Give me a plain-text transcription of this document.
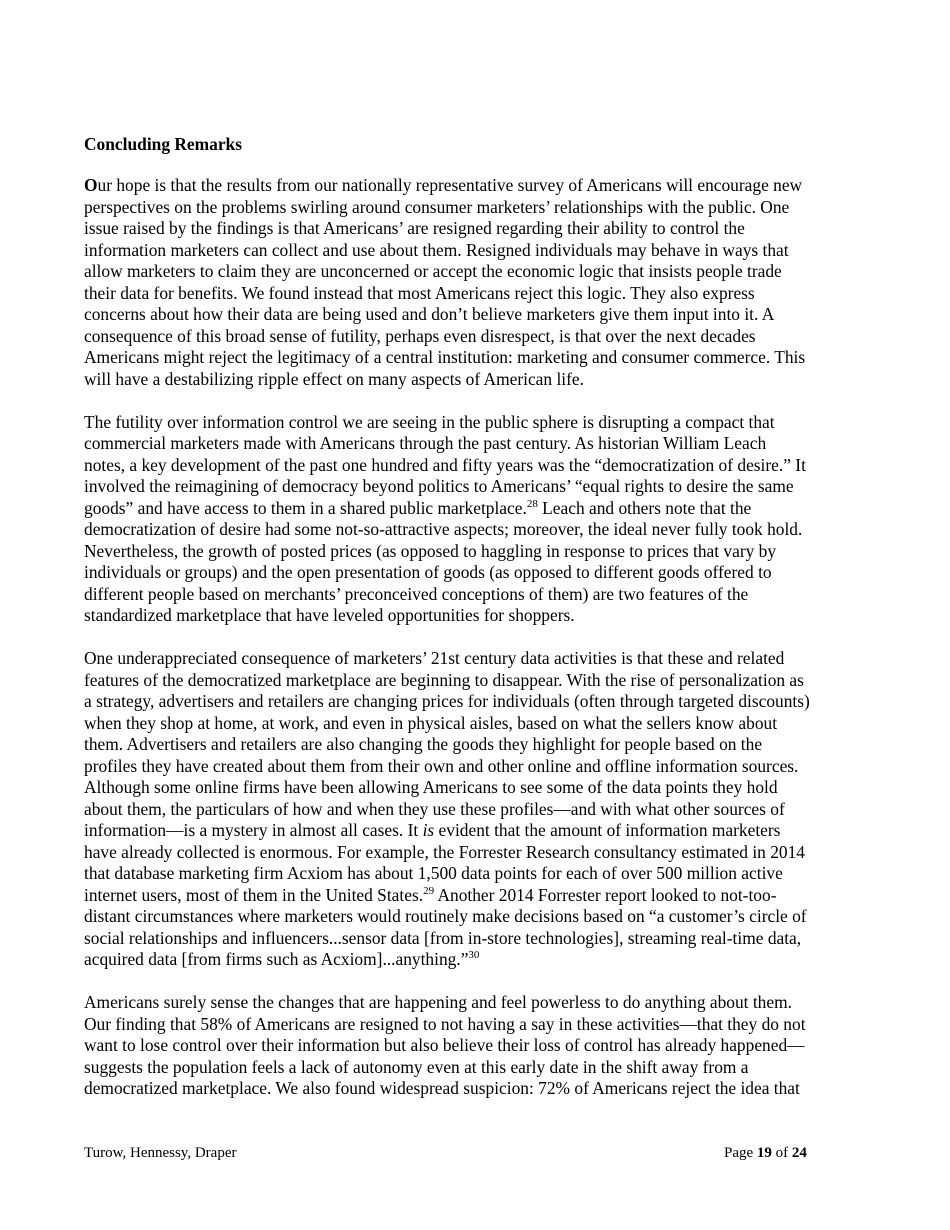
Concluding Remarks
Our hope is that the results from our nationally representative survey of Americans will encourage new
perspectives on the problems swirling around consumer marketers’ relationships with the public. One
issue raised by the findings is that Americans’ are resigned regarding their ability to control the
information marketers can collect and use about them. Resigned individuals may behave in ways that
allow marketers to claim they are unconcerned or accept the economic logic that insists people trade
their data for benefits. We found instead that most Americans reject this logic. They also express
concerns about how their data are being used and don’t believe marketers give them input into it. A
consequence of this broad sense of futility, perhaps even disrespect, is that over the next decades
Americans might reject the legitimacy of a central institution: marketing and consumer commerce. This
will have a destabilizing ripple effect on many aspects of American life.
The futility over information control we are seeing in the public sphere is disrupting a compact that
commercial marketers made with Americans through the past century. As historian William Leach
notes, a key development of the past one hundred and fifty years was the “democratization of desire.” It
involved the reimagining of democracy beyond politics to Americans’ “equal rights to desire the same
goods” and have access to them in a shared public marketplace.$^{28}$ Leach and others note that the
democratization of desire had some not-so-attractive aspects; moreover, the ideal never fully took hold.
Nevertheless, the growth of posted prices (as opposed to haggling in response to prices that vary by
individuals or groups) and the open presentation of goods (as opposed to different goods offered to
different people based on merchants’ preconceived conceptions of them) are two features of the
standardized marketplace that have leveled opportunities for shoppers.
One underappreciated consequence of marketers’ 21st century data activities is that these and related
features of the democratized marketplace are beginning to disappear. With the rise of personalization as
a strategy, advertisers and retailers are changing prices for individuals (often through targeted discounts)
when they shop at home, at work, and even in physical aisles, based on what the sellers know about
them. Advertisers and retailers are also changing the goods they highlight for people based on the
profiles they have created about them from their own and other online and offline information sources.
Although some online firms have been allowing Americans to see some of the data points they hold
about them, the particulars of how and when they use these profiles—and with what other sources of
information—is a mystery in almost all cases. It is evident that the amount of information marketers
have already collected is enormous. For example, the Forrester Research consultancy estimated in 2014
that database marketing firm Acxiom has about 1,500 data points for each of over 500 million active
internet users, most of them in the United States.$^{29}$ Another 2014 Forrester report looked to not-too-
distant circumstances where marketers would routinely make decisions based on “a customer’s circle of
social relationships and influencers...sensor data [from in-store technologies], streaming real-time data,
acquired data [from firms such as Acxiom]...anything.”$^{30}$
Americans surely sense the changes that are happening and feel powerless to do anything about them.
Our finding that 58% of Americans are resigned to not having a say in these activities—that they do not
want to lose control over their information but also believe their loss of control has already happened—
suggests the population feels a lack of autonomy even at this early date in the shift away from a
democratized marketplace. We also found widespread suspicion: 72% of Americans reject the idea that
Turow, Hennessy, Draper	Page 19 of 24
